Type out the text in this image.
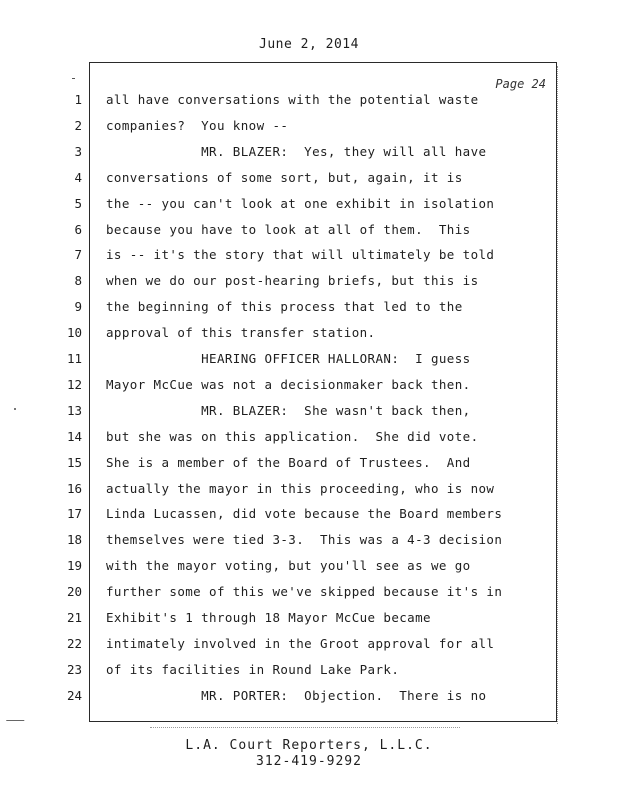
June 2, 2014
Page 24
1 all have conversations with the potential waste
2 companies?  You know --
3 MR. BLAZER:  Yes, they will all have
4 conversations of some sort, but, again, it is
5 the -- you can't look at one exhibit in isolation
6 because you have to look at all of them.  This
7 is -- it's the story that will ultimately be told
8 when we do our post-hearing briefs, but this is
9 the beginning of this process that led to the
10 approval of this transfer station.
11 HEARING OFFICER HALLORAN:  I guess
12 Mayor McCue was not a decisionmaker back then.
13 MR. BLAZER:  She wasn't back then,
14 but she was on this application.  She did vote.
15 She is a member of the Board of Trustees.  And
16 actually the mayor in this proceeding, who is now
17 Linda Lucassen, did vote because the Board members
18 themselves were tied 3-3.  This was a 4-3 decision
19 with the mayor voting, but you'll see as we go
20 further some of this we've skipped because it's in
21 Exhibit's 1 through 18 Mayor McCue became
22 intimately involved in the Groot approval for all
23 of its facilities in Round Lake Park.
24 MR. PORTER:  Objection.  There is no
L.A. Court Reporters, L.L.C.
312-419-9292
